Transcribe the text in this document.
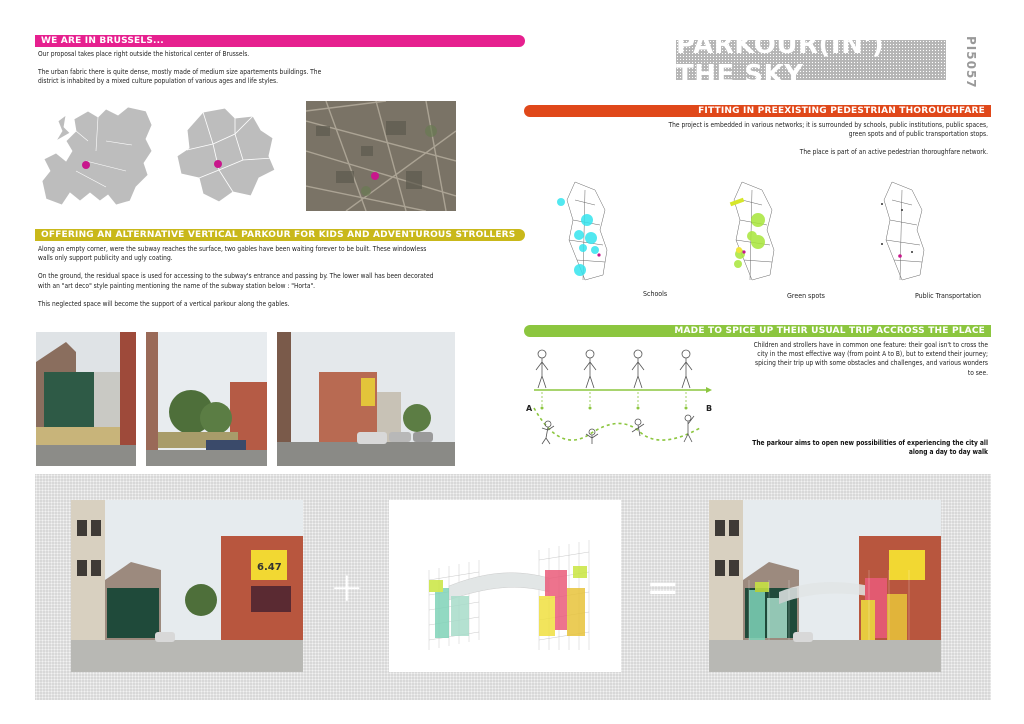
WE ARE IN BRUSSELS...
Our proposal takes place right outside the historical center of Brussels.
The urban fabric there is quite dense, mostly made of medium size apartements buildings. The
district is inhabited by a mixed culture population of various ages and life styles.
OFFERING AN ALTERNATIVE VERTICAL PARKOUR FOR KIDS AND ADVENTUROUS STROLLERS
Along an empty corner, were the subway reaches the surface, two gables have been waiting forever to be built. These windowless
walls only support publicity and ugly coating.
On the ground, the residual space is used for accessing to the subway's entrance and passing by. The lower wall has been decorated
with an "art deco" style painting mentioning the name of the subway station below : "Horta".
This neglected space will become the support of a vertical parkour along the gables.
PARKOUR(IN') THE SKY	PI5057
FITTING IN PREEXISTING PEDESTRIAN THOROUGHFARE
The project is embedded in various networks; it is surrounded by schools, public institutions, public spaces,
green spots and of public transportation stops.
The place is part of an active pedestrian thoroughfare network.
Schools	Green spots	Public Transportation
MADE TO SPICE UP THEIR USUAL TRIP ACCROSS THE PLACE
A	B
Children and strollers have in common one feature: their goal isn't to cross the
city in the most effective way (from point A to B), but to extend their journey;
spicing their trip up with some obstacles and challenges, and various wonders
to see.
The parkour aims to open new possibilities of experiencing the city all
along a day to day walk
6.47 +	=
